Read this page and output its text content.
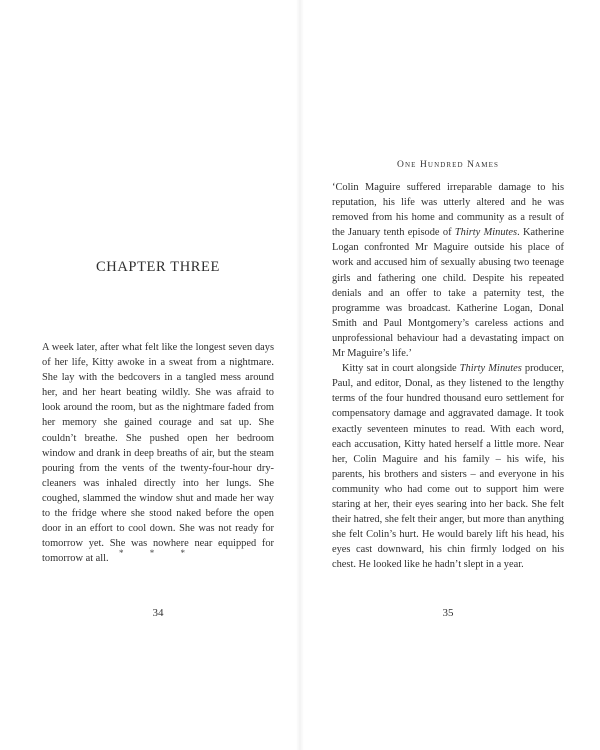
CHAPTER THREE

A week later, after what felt like the longest seven days of her life, Kitty awoke in a sweat from a nightmare. She lay with the bedcovers in a tangled mess around her, and her heart beating wildly. She was afraid to look around the room, but as the nightmare faded from her memory she gained courage and sat up. She couldn’t breathe. She pushed open her bedroom window and drank in deep breaths of air, but the steam pouring from the vents of the twenty-four-hour dry-cleaners was inhaled directly into her lungs. She coughed, slammed the window shut and made her way to the fridge where she stood naked before the open door in an effort to cool down. She was not ready for tomorrow yet. She was nowhere near equipped for tomorrow at all.

* * *
34
One Hundred Names

‘Colin Maguire suffered irreparable damage to his reputation, his life was utterly altered and he was removed from his home and community as a result of the January tenth episode of Thirty Minutes. Katherine Logan confronted Mr Maguire outside his place of work and accused him of sexually abusing two teenage girls and fathering one child. Despite his repeated denials and an offer to take a paternity test, the programme was broadcast. Katherine Logan, Donal Smith and Paul Montgomery’s careless actions and unprofessional behaviour had a devastating impact on Mr Maguire’s life.’

Kitty sat in court alongside Thirty Minutes producer, Paul, and editor, Donal, as they listened to the lengthy terms of the four hundred thousand euro settlement for compensatory damage and aggravated damage. It took exactly seventeen minutes to read. With each word, each accusation, Kitty hated herself a little more. Near her, Colin Maguire and his family – his wife, his parents, his brothers and sisters – and everyone in his community who had come out to support him were staring at her, their eyes searing into her back. She felt their hatred, she felt their anger, but more than anything she felt Colin’s hurt. He would barely lift his head, his eyes cast downward, his chin firmly lodged on his chest. He looked like he hadn’t slept in a year.

35
